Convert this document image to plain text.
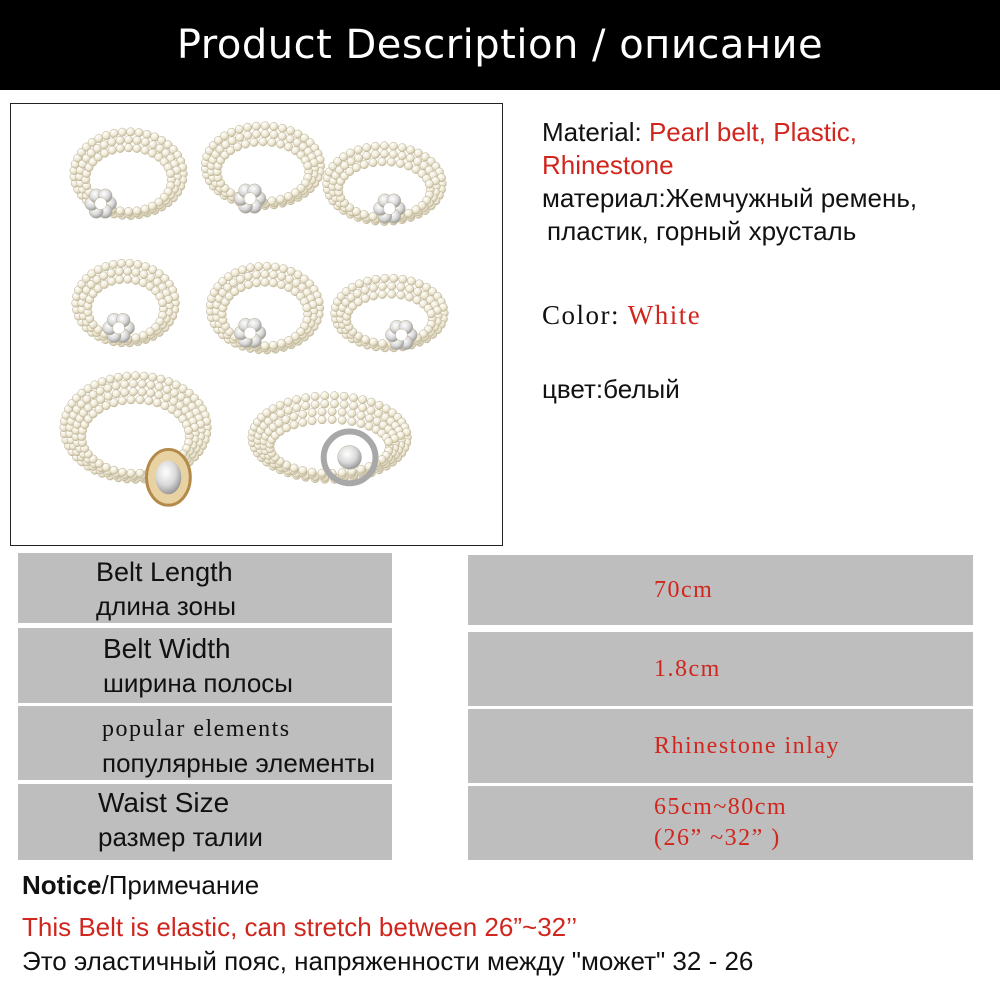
Product Description / описание
Material: Pearl belt, Plastic,
Rhinestone
материал:Жемчужный ремень,
пластик, горный хрусталь
Color: White
цвет:белый
Belt Length
длина зоны
70cm
Belt Width
ширина полосы	1.8cm
popular elements
популярные элементы
Rhinestone inlay
Waist Size
размер талии
65cm~80cm
(26” ~32” )
Notice/Примечание
This Belt is elastic, can stretch between 26”~32’’
Это эластичный пояс, напряженности между "может" 32 - 26
